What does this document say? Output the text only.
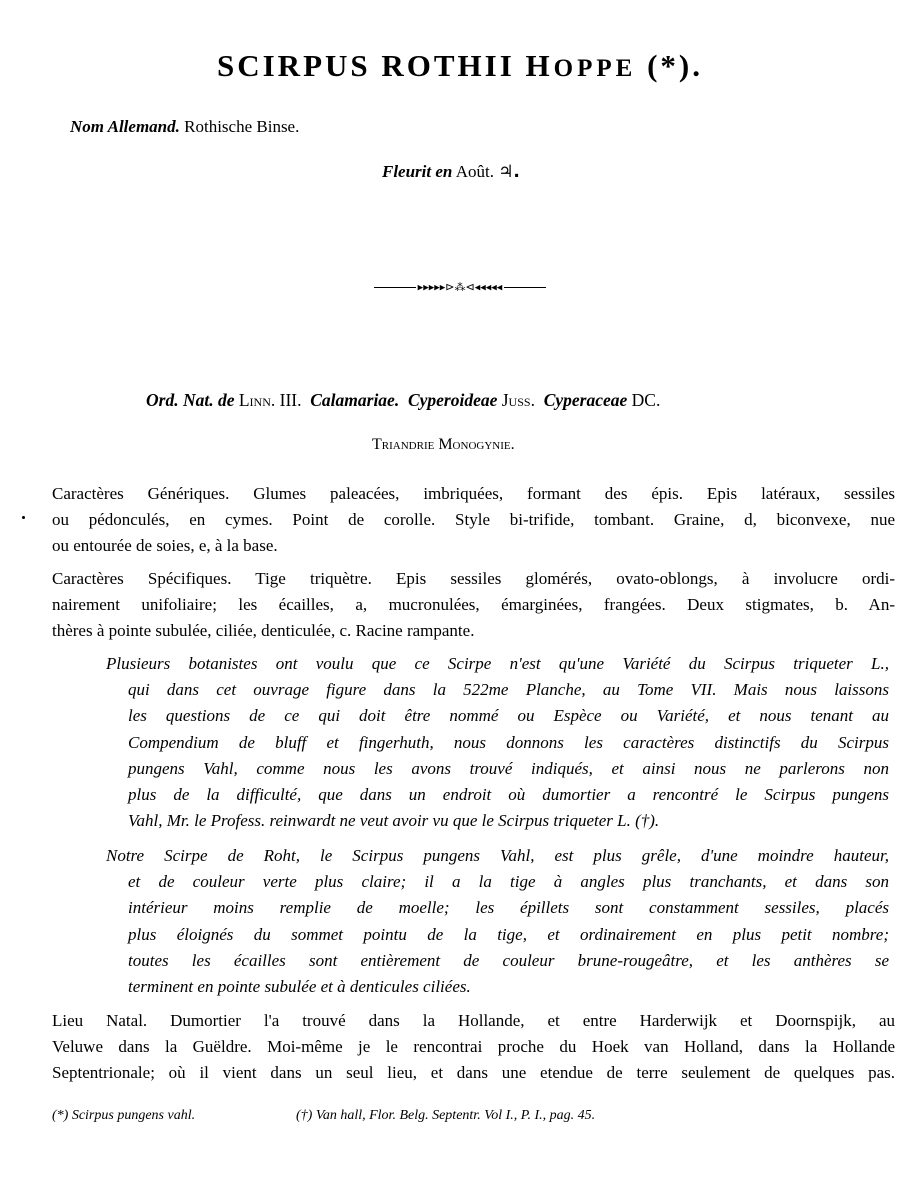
SCIRPUS ROTHII HOPPE (*).
Nom Allemand. Rothische Binse.
Fleurit en Août. ♃.
▸▸▸▸▸⊳⁂⊲◂◂◂◂◂
Ord. Nat. de Linn. III. Calamariae. Cyperoideae Juss. Cyperaceae DC.
Triandrie Monogynie.
Caractères Génériques. Glumes paleacées, imbriquées, formant des épis. Epis latéraux, sessiles
ou pédonculés, en cymes. Point de corolle. Style bi-trifide, tombant. Graine, d, biconvexe, nue
ou entourée de soies, e, à la base.
Caractères Spécifiques. Tige triquètre. Epis sessiles glomérés, ovato-oblongs, à involucre ordi-
nairement unifoliaire; les écailles, a, mucronulées, émarginées, frangées. Deux stigmates, b. An-
thères à pointe subulée, ciliée, denticulée, c. Racine rampante.
Plusieurs botanistes ont voulu que ce Scirpe n'est qu'une Variété du Scirpus triqueter L.,
qui dans cet ouvrage figure dans la 522me Planche, au Tome VII. Mais nous laissons
les questions de ce qui doit être nommé ou Espèce ou Variété, et nous tenant au
Compendium de bluff et fingerhuth, nous donnons les caractères distinctifs du Scirpus
pungens Vahl, comme nous les avons trouvé indiqués, et ainsi nous ne parlerons non
plus de la difficulté, que dans un endroit où dumortier a rencontré le Scirpus pungens
Vahl, Mr. le Profess. reinwardt ne veut avoir vu que le Scirpus triqueter L. (†).
Notre Scirpe de Roht, le Scirpus pungens Vahl, est plus grêle, d'une moindre hauteur,
et de couleur verte plus claire; il a la tige à angles plus tranchants, et dans son
intérieur moins remplie de moelle; les épillets sont constamment sessiles, placés
plus éloignés du sommet pointu de la tige, et ordinairement en plus petit nombre;
toutes les écailles sont entièrement de couleur brune-rougeâtre, et les anthères se
terminent en pointe subulée et à denticules ciliées.
Lieu Natal. Dumortier l'a trouvé dans la Hollande, et entre Harderwijk et Doornspijk, au
Veluwe dans la Guëldre. Moi-même je le rencontrai proche du Hoek van Holland, dans la Hollande
Septentrionale; où il vient dans un seul lieu, et dans une etendue de terre seulement de quelques pas.
(*) Scirpus pungens vahl.	(†) Van hall, Flor. Belg. Septentr. Vol I., P. I., pag. 45.
